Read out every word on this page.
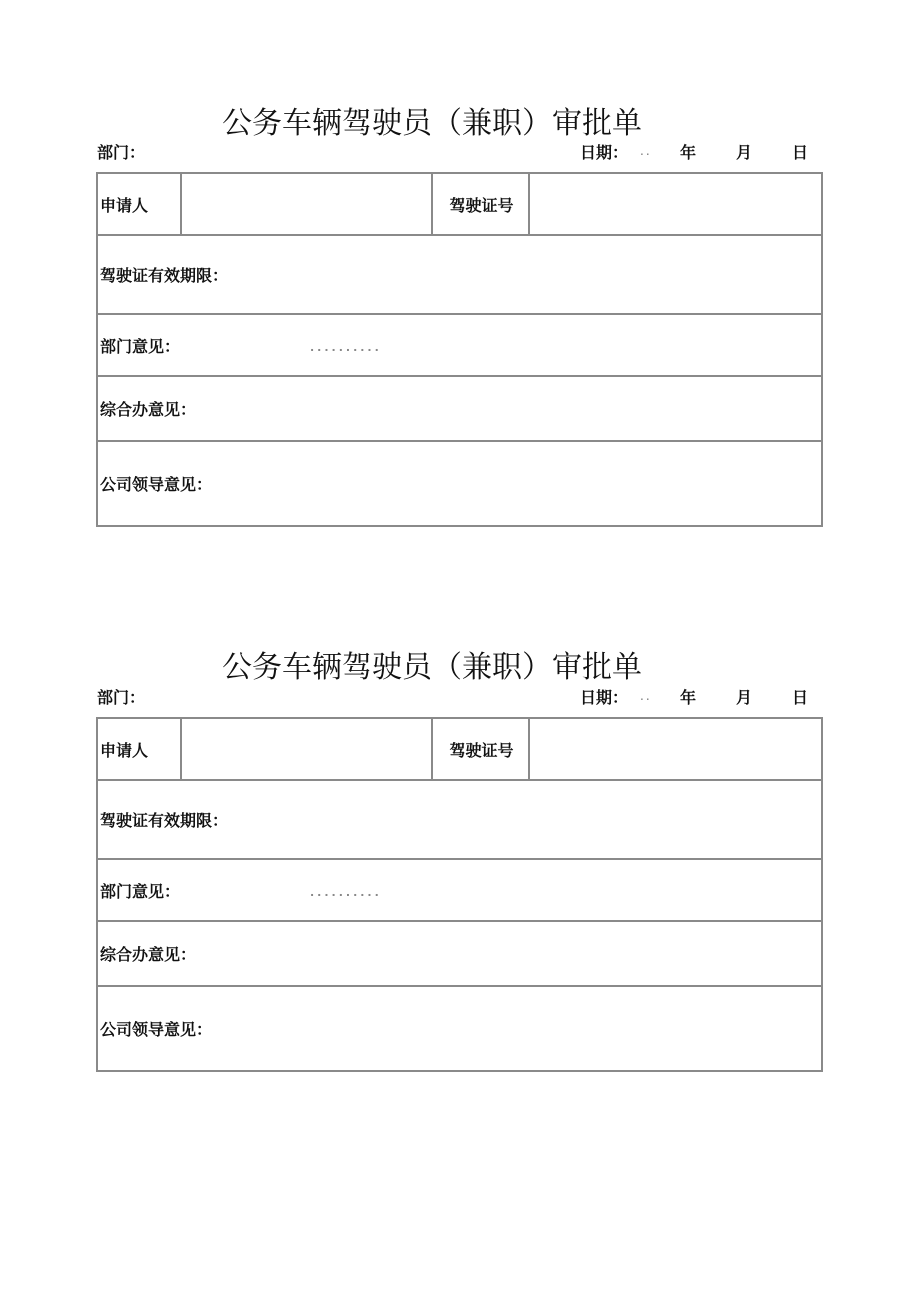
公务车辆驾驶员（兼职）审批单
部门：	日期： .. 年 月 日
申请人		驾驶证号	
驾驶证有效期限：
部门意见：	..........

综合办意见：
公司领导意见：
公务车辆驾驶员（兼职）审批单
部门：	日期： .. 年 月 日
申请人		驾驶证号	
驾驶证有效期限：
部门意见：	..........

综合办意见：
公司领导意见：
